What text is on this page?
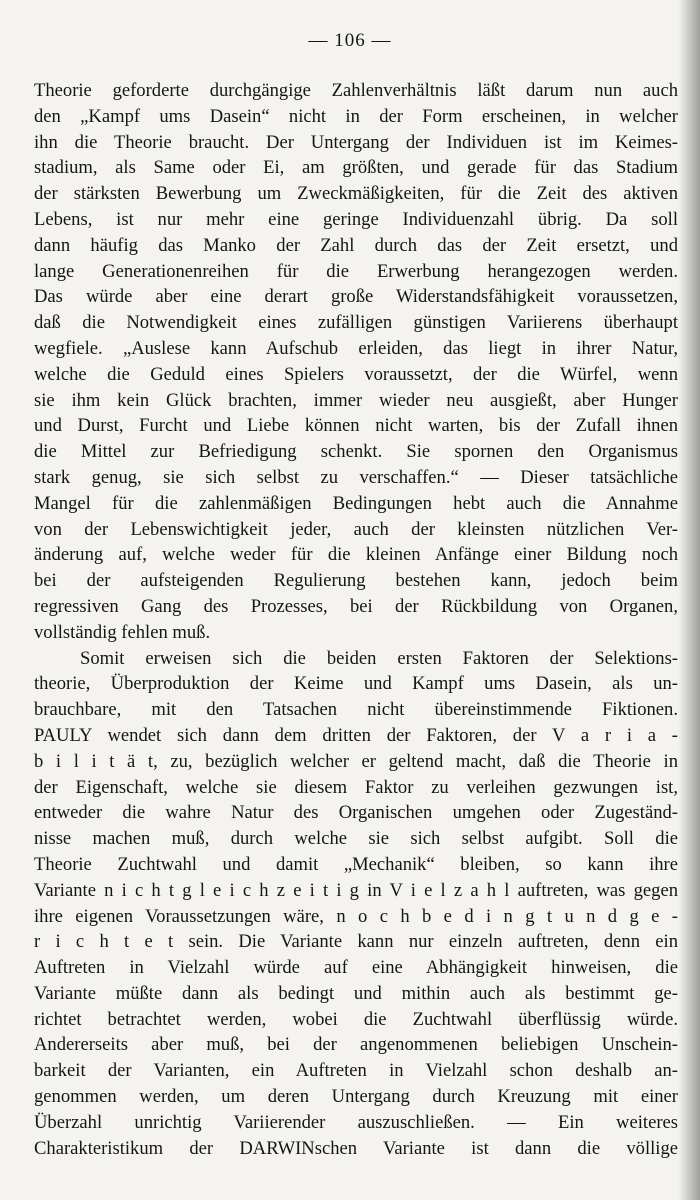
— 106 —
Theorie geforderte durchgängige Zahlenverhältnis läßt darum nun auch
den „Kampf ums Dasein“ nicht in der Form erscheinen, in welcher
ihn die Theorie braucht. Der Untergang der Individuen ist im Keimes-
stadium, als Same oder Ei, am größten, und gerade für das Stadium
der stärksten Bewerbung um Zweckmäßigkeiten, für die Zeit des aktiven
Lebens, ist nur mehr eine geringe Individuenzahl übrig. Da soll
dann häufig das Manko der Zahl durch das der Zeit ersetzt, und
lange Generationenreihen für die Erwerbung herangezogen werden.
Das würde aber eine derart große Widerstandsfähigkeit voraussetzen,
daß die Notwendigkeit eines zufälligen günstigen Variierens überhaupt
wegfiele. „Auslese kann Aufschub erleiden, das liegt in ihrer Natur,
welche die Geduld eines Spielers voraussetzt, der die Würfel, wenn
sie ihm kein Glück brachten, immer wieder neu ausgießt, aber Hunger
und Durst, Furcht und Liebe können nicht warten, bis der Zufall ihnen
die Mittel zur Befriedigung schenkt. Sie spornen den Organismus
stark genug, sie sich selbst zu verschaffen.“ — Dieser tatsächliche
Mangel für die zahlenmäßigen Bedingungen hebt auch die Annahme
von der Lebenswichtigkeit jeder, auch der kleinsten nützlichen Ver-
änderung auf, welche weder für die kleinen Anfänge einer Bildung noch
bei der aufsteigenden Regulierung bestehen kann, jedoch beim
regressiven Gang des Prozesses, bei der Rückbildung von Organen,
vollständig fehlen muß.
Somit erweisen sich die beiden ersten Faktoren der Selektions-
theorie, Überproduktion der Keime und Kampf ums Dasein, als un-
brauchbare, mit den Tatsachen nicht übereinstimmende Fiktionen.
PAULY wendet sich dann dem dritten der Faktoren, der V a r i a -
b i l i t ä t, zu, bezüglich welcher er geltend macht, daß die Theorie in
der Eigenschaft, welche sie diesem Faktor zu verleihen gezwungen ist,
entweder die wahre Natur des Organischen umgehen oder Zugeständ-
nisse machen muß, durch welche sie sich selbst aufgibt. Soll die
Theorie Zuchtwahl und damit „Mechanik“ bleiben, so kann ihre
Variante n i c h t g l e i c h z e i t i g in V i e l z a h l auftreten, was gegen
ihre eigenen Voraussetzungen wäre, n o c h b e d i n g t u n d g e -
r i c h t e t sein. Die Variante kann nur einzeln auftreten, denn ein
Auftreten in Vielzahl würde auf eine Abhängigkeit hinweisen, die
Variante müßte dann als bedingt und mithin auch als bestimmt ge-
richtet betrachtet werden, wobei die Zuchtwahl überflüssig würde.
Andererseits aber muß, bei der angenommenen beliebigen Unschein-
barkeit der Varianten, ein Auftreten in Vielzahl schon deshalb an-
genommen werden, um deren Untergang durch Kreuzung mit einer
Überzahl unrichtig Variierender auszuschließen. — Ein weiteres
Charakteristikum der DARWINschen Variante ist dann die völlige
